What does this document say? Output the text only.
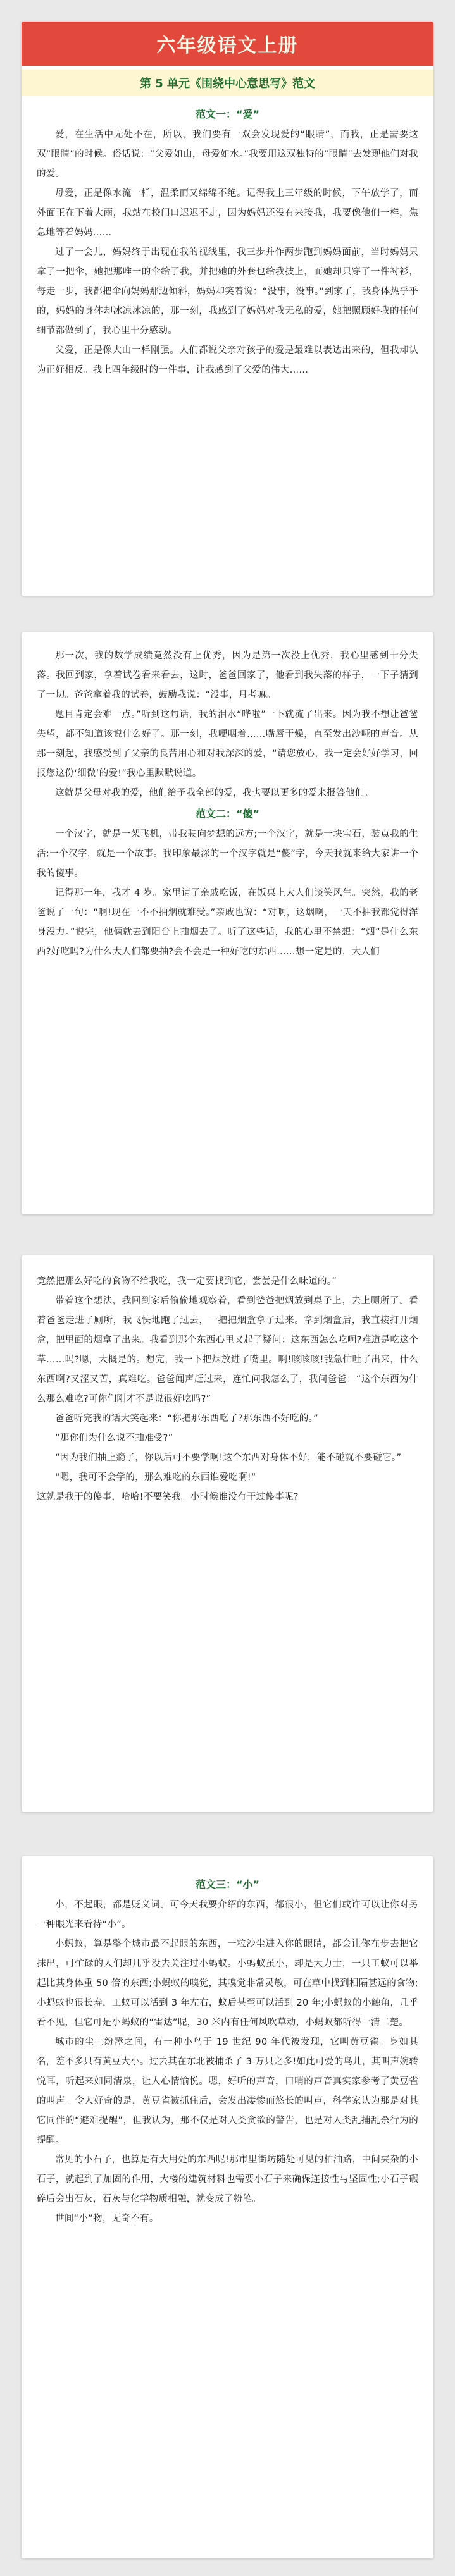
六年级语文上册
第 5 单元《围绕中心意思写》范文
范文一：“爱”

爱，在生活中无处不在，所以，我们要有一双会发现爱的“眼睛”，而我，正是需要这双“眼睛”的时候。俗话说：“父爱如山，母爱如水。”我要用这双独特的“眼睛”去发现他们对我的爱。

母爱，正是像水流一样，温柔而又绵绵不绝。记得我上三年级的时候，下午放学了，而外面正在下着大雨，我站在校门口迟迟不走，因为妈妈还没有来接我，我要像他们一样，焦急地等着妈妈……

过了一会儿，妈妈终于出现在我的视线里，我三步并作两步跑到妈妈面前，当时妈妈只拿了一把伞，她把那唯一的伞给了我，并把她的外套也给我披上，而她却只穿了一件衬衫，每走一步，我都把伞向妈妈那边倾斜，妈妈却笑着说：“没事，没事。”到家了，我身体热乎乎的，妈妈的身体却冰凉冰凉的，那一刻，我感到了妈妈对我无私的爱，她把照顾好我的任何细节都做到了，我心里十分感动。

父爱，正是像大山一样刚强。人们都说父亲对孩子的爱是最难以表达出来的，但我却认为正好相反。我上四年级时的一件事，让我感到了父爱的伟大……

那一次，我的数学成绩竟然没有上优秀，因为是第一次没上优秀，我心里感到十分失落。我回到家，拿着试卷看来看去，这时，爸爸回家了，他看到我失落的样子，一下子猜到了一切。爸爸拿着我的试卷，鼓励我说：“没事，月考嘛。

题目肯定会难一点。”听到这句话，我的泪水“哗啦”一下就流了出来。因为我不想让爸爸失望，都不知道该说什么好了。那一刻，我哽咽着……嘴唇干燥，直至发出沙哑的声音。从那一刻起，我感受到了父亲的良苦用心和对我深深的爱，“请您放心，我一定会好好学习，回报您这份‘细微’的爱!”我心里默默说道。

这就是父母对我的爱，他们给予我全部的爱，我也要以更多的爱来报答他们。

范文二：“傻”

一个汉字，就是一架飞机，带我驶向梦想的远方;一个汉字，就是一块宝石，装点我的生活;一个汉字，就是一个故事。我印象最深的一个汉字就是“傻”字，今天我就来给大家讲一个我的傻事。

记得那一年，我才 4 岁。家里请了亲戚吃饭，在饭桌上大人们谈笑风生。突然，我的老爸说了一句：“啊!现在一不不抽烟就难受。”亲戚也说：“对啊，这烟啊，一天不抽我都觉得浑身没力。”说完，他俩就去到阳台上抽烟去了。听了这些话，我的心里不禁想：“烟”是什么东西?好吃吗?为什么大人们都要抽?会不会是一种好吃的东西……想一定是的，大人们

竟然把那么好吃的食物不给我吃，我一定要找到它，尝尝是什么味道的。”

带着这个想法，我回到家后偷偷地观察着，看到爸爸把烟放到桌子上，去上厕所了。看着爸爸走进了厕所，我飞快地跑了过去，一把把烟盒拿了过来。拿到烟盒后，我直接打开烟盒，把里面的烟拿了出来。我看到那个东西心里又起了疑问：这东西怎么吃啊?难道是吃这个草……吗?嗯，大概是的。想完，我一下把烟放进了嘴里。啊!咳咳咳!我急忙吐了出来，什么东西啊?又涩又苦，真难吃。爸爸闻声赶过来，连忙问我怎么了，我问爸爸：“这个东西为什么那么难吃?可你们刚才不是说很好吃吗?”

爸爸听完我的话大笑起来：“你把那东西吃了?那东西不好吃的。”

“那你们为什么说不抽难受?”

“因为我们抽上瘾了，你以后可不要学啊!这个东西对身体不好，能不碰就不要碰它。”

“嗯，我可不会学的，那么难吃的东西谁爱吃啊!”

这就是我干的傻事，哈哈!不要笑我。小时候谁没有干过傻事呢?

范文三：“小”

小，不起眼，都是贬义词。可今天我要介绍的东西，都很小，但它们或许可以让你对另一种眼光来看待“小”。

小蚂蚁，算是整个城市最不起眼的东西，一粒沙尘进入你的眼睛，都会让你在步去把它抹出，可忙碌的人们却几乎没去关注过小蚂蚁。小蚂蚁虽小，却是大力士，一只工蚁可以举起比其身体重 50 倍的东西;小蚂蚁的嗅觉，其嗅觉非常灵敏，可在草中找到相隔甚远的食物;小蚂蚁也很长寿，工蚁可以活到 3 年左右，蚁后甚至可以活到 20 年;小蚂蚁的小触角，几乎看不见，但它可是小蚂蚁的“雷达”呢，30 米内有任何风吹草动，小蚂蚁都听得一清二楚。

城市的尘土纷嚣之间，有一种小鸟于 19 世纪 90 年代被发现，它叫黄豆雀。身如其名，差不多只有黄豆大小。过去其在东北被捕杀了 3 万只之多!如此可爱的鸟儿，其叫声婉转悦耳，听起来如同清泉，让人心情愉悦。嗯，好听的声音，口哨的声音真实家参考了黄豆雀的叫声。令人好奇的是，黄豆雀被抓住后，会发出凄惨而悠长的叫声，科学家认为那是对其它同伴的“避难提醒”，但我认为，那不仅是对人类贪欲的警告，也是对人类乱捕乱杀行为的提醒。

常见的小石子，也算是有大用处的东西呢!那市里街坊随处可见的柏油路，中间夹杂的小石子，就起到了加固的作用，大楼的建筑材料也需要小石子来确保连接性与坚固性;小石子碾碎后会出石灰，石灰与化学物质相融，就变成了粉笔。

世间“小”物，无奇不有。
